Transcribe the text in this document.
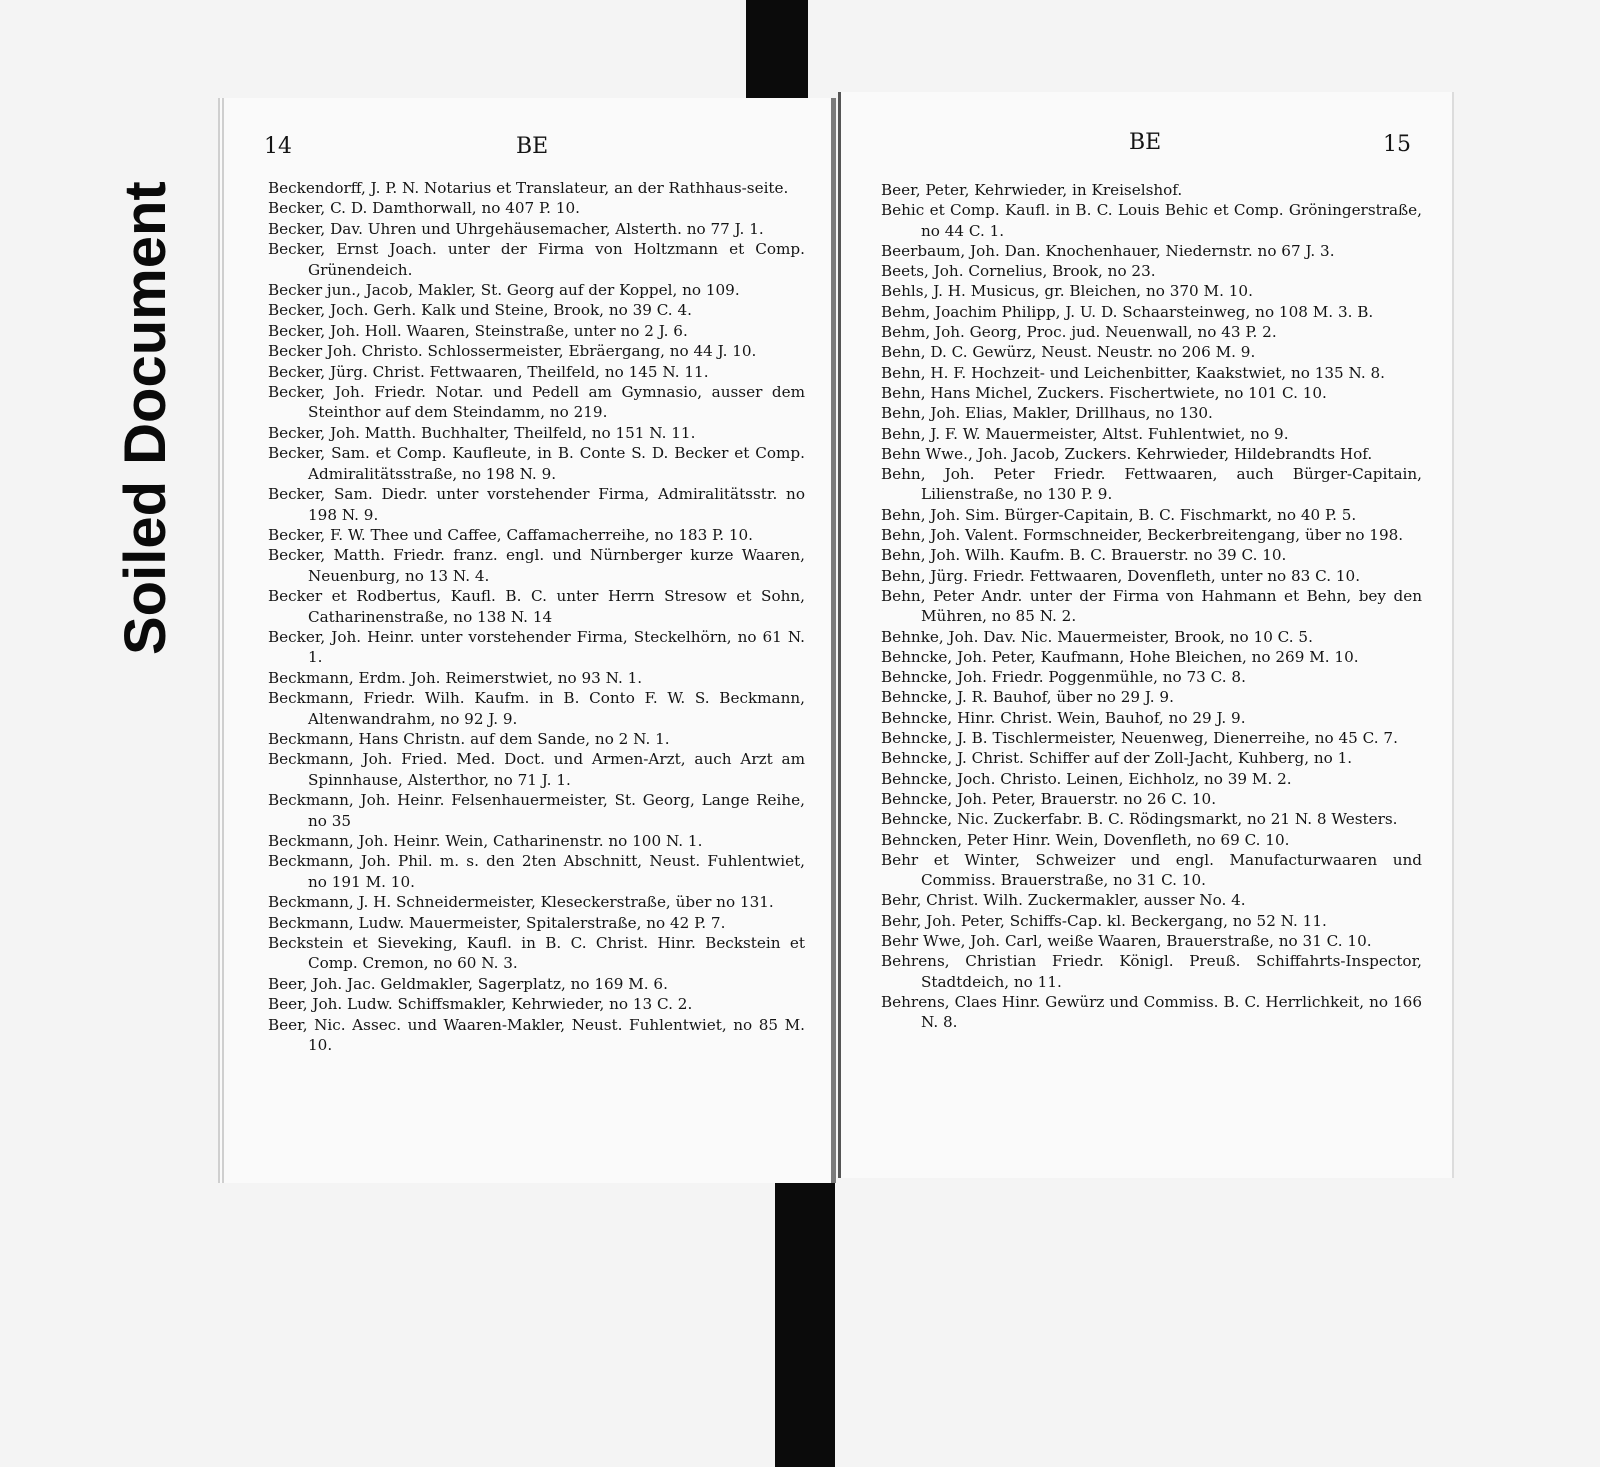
Soiled Document
14	BE
Beckendorff, J. P. N. Notarius et Translateur, an der Rathhaus-seite.
Becker, C. D. Damthorwall, no 407 P. 10.
Becker, Dav. Uhren und Uhrgehäusemacher, Alsterth. no 77 J. 1.
Becker, Ernst Joach. unter der Firma von Holtzmann et Comp. Grünendeich.
Becker jun., Jacob, Makler, St. Georg auf der Koppel, no 109.
Becker, Joch. Gerh. Kalk und Steine, Brook, no 39 C. 4.
Becker, Joh. Holl. Waaren, Steinstraße, unter no 2 J. 6.
Becker Joh. Christo. Schlossermeister, Ebräergang, no 44 J. 10.
Becker, Jürg. Christ. Fettwaaren, Theilfeld, no 145 N. 11.
Becker, Joh. Friedr. Notar. und Pedell am Gymnasio, ausser dem Steinthor auf dem Steindamm, no 219.
Becker, Joh. Matth. Buchhalter, Theilfeld, no 151 N. 11.
Becker, Sam. et Comp. Kaufleute, in B. Conte S. D. Becker et Comp. Admiralitätsstraße, no 198 N. 9.
Becker, Sam. Diedr. unter vorstehender Firma, Admiralitätsstr. no 198 N. 9.
Becker, F. W. Thee und Caffee, Caffamacherreihe, no 183 P. 10.
Becker, Matth. Friedr. franz. engl. und Nürnberger kurze Waaren, Neuenburg, no 13 N. 4.
Becker et Rodbertus, Kaufl. B. C. unter Herrn Stresow et Sohn, Catharinenstraße, no 138 N. 14
Becker, Joh. Heinr. unter vorstehender Firma, Steckelhörn, no 61 N. 1.
Beckmann, Erdm. Joh. Reimerstwiet, no 93 N. 1.
Beckmann, Friedr. Wilh. Kaufm. in B. Conto F. W. S. Beckmann, Altenwandrahm, no 92 J. 9.
Beckmann, Hans Christn. auf dem Sande, no 2 N. 1.
Beckmann, Joh. Fried. Med. Doct. und Armen-Arzt, auch Arzt am Spinnhause, Alsterthor, no 71 J. 1.
Beckmann, Joh. Heinr. Felsenhauermeister, St. Georg, Lange Reihe, no 35
Beckmann, Joh. Heinr. Wein, Catharinenstr. no 100 N. 1.
Beckmann, Joh. Phil. m. s. den 2ten Abschnitt, Neust. Fuhlentwiet, no 191 M. 10.
Beckmann, J. H. Schneidermeister, Kleseckerstraße, über no 131.
Beckmann, Ludw. Mauermeister, Spitalerstraße, no 42 P. 7.
Beckstein et Sieveking, Kaufl. in B. C. Christ. Hinr. Beckstein et Comp. Cremon, no 60 N. 3.
Beer, Joh. Jac. Geldmakler, Sagerplatz, no 169 M. 6.
Beer, Joh. Ludw. Schiffsmakler, Kehrwieder, no 13 C. 2.
Beer, Nic. Assec. und Waaren-Makler, Neust. Fuhlentwiet, no 85 M. 10.
BE	15
Beer, Peter, Kehrwieder, in Kreiselshof.
Behic et Comp. Kaufl. in B. C. Louis Behic et Comp. Gröningerstraße, no 44 C. 1.
Beerbaum, Joh. Dan. Knochenhauer, Niedernstr. no 67 J. 3.
Beets, Joh. Cornelius, Brook, no 23.
Behls, J. H. Musicus, gr. Bleichen, no 370 M. 10.
Behm, Joachim Philipp, J. U. D. Schaarsteinweg, no 108 M. 3. B.
Behm, Joh. Georg, Proc. jud. Neuenwall, no 43 P. 2.
Behn, D. C. Gewürz, Neust. Neustr. no 206 M. 9.
Behn, H. F. Hochzeit- und Leichenbitter, Kaakstwiet, no 135 N. 8.
Behn, Hans Michel, Zuckers. Fischertwiete, no 101 C. 10.
Behn, Joh. Elias, Makler, Drillhaus, no 130.
Behn, J. F. W. Mauermeister, Altst. Fuhlentwiet, no 9.
Behn Wwe., Joh. Jacob, Zuckers. Kehrwieder, Hildebrandts Hof.
Behn, Joh. Peter Friedr. Fettwaaren, auch Bürger-Capitain, Lilienstraße, no 130 P. 9.
Behn, Joh. Sim. Bürger-Capitain, B. C. Fischmarkt, no 40 P. 5.
Behn, Joh. Valent. Formschneider, Beckerbreitengang, über no 198.
Behn, Joh. Wilh. Kaufm. B. C. Brauerstr. no 39 C. 10.
Behn, Jürg. Friedr. Fettwaaren, Dovenfleth, unter no 83 C. 10.
Behn, Peter Andr. unter der Firma von Hahmann et Behn, bey den Mühren, no 85 N. 2.
Behnke, Joh. Dav. Nic. Mauermeister, Brook, no 10 C. 5.
Behncke, Joh. Peter, Kaufmann, Hohe Bleichen, no 269 M. 10.
Behncke, Joh. Friedr. Poggenmühle, no 73 C. 8.
Behncke, J. R. Bauhof, über no 29 J. 9.
Behncke, Hinr. Christ. Wein, Bauhof, no 29 J. 9.
Behncke, J. B. Tischlermeister, Neuenweg, Dienerreihe, no 45 C. 7.
Behncke, J. Christ. Schiffer auf der Zoll-Jacht, Kuhberg, no 1.
Behncke, Joch. Christo. Leinen, Eichholz, no 39 M. 2.
Behncke, Joh. Peter, Brauerstr. no 26 C. 10.
Behncke, Nic. Zuckerfabr. B. C. Rödingsmarkt, no 21 N. 8 Westers.
Behncken, Peter Hinr. Wein, Dovenfleth, no 69 C. 10.
Behr et Winter, Schweizer und engl. Manufacturwaaren und Commiss. Brauerstraße, no 31 C. 10.
Behr, Christ. Wilh. Zuckermakler, ausser No. 4.
Behr, Joh. Peter, Schiffs-Cap. kl. Beckergang, no 52 N. 11.
Behr Wwe, Joh. Carl, weiße Waaren, Brauerstraße, no 31 C. 10.
Behrens, Christian Friedr. Königl. Preuß. Schiffahrts-Inspector, Stadtdeich, no 11.
Behrens, Claes Hinr. Gewürz und Commiss. B. C. Herrlichkeit, no 166 N. 8.
